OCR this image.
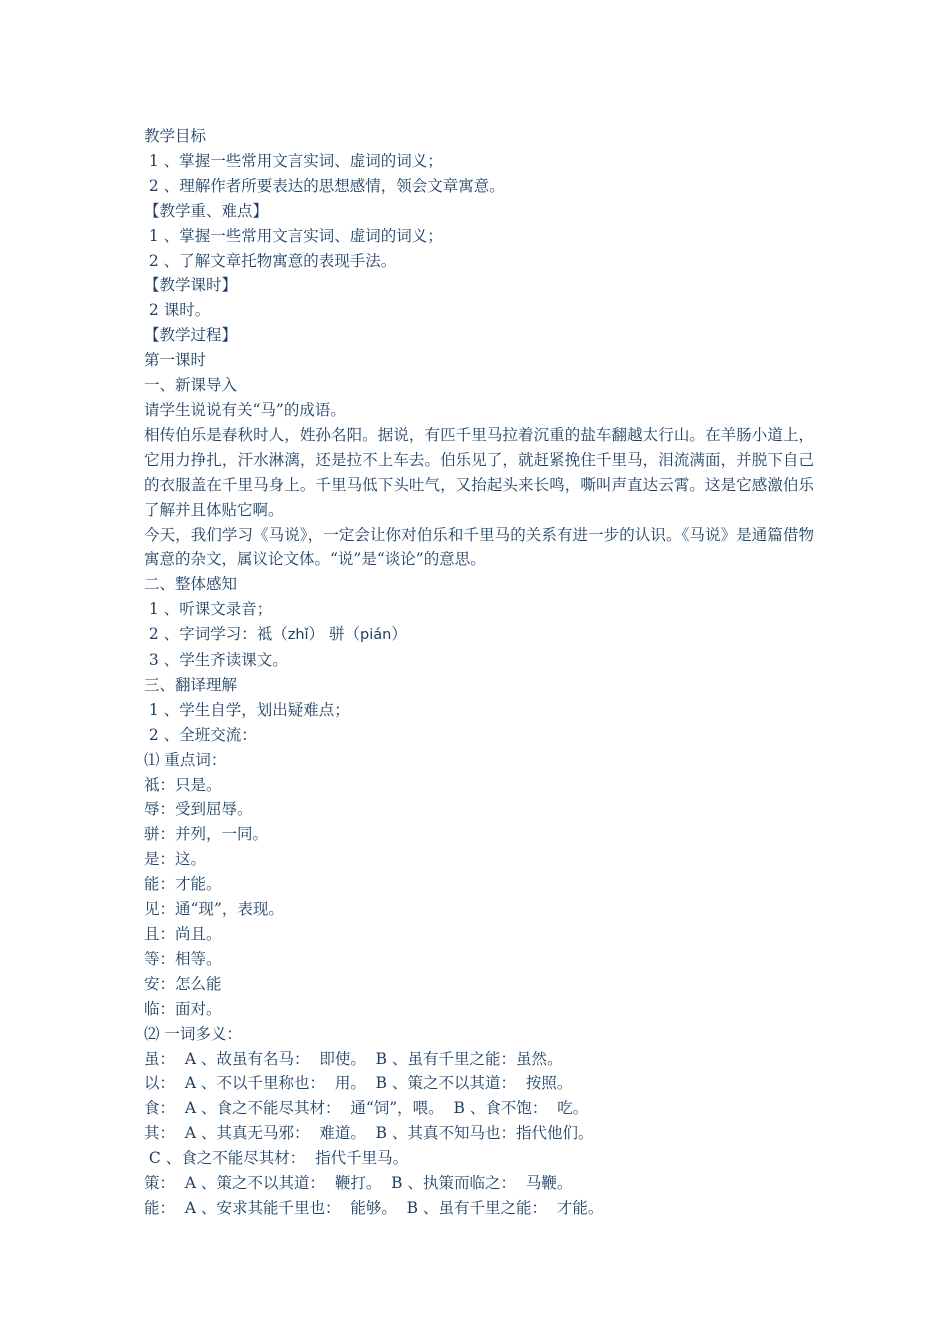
教学目标
1 、掌握一些常用文言实词、虚词的词义；
2 、理解作者所要表达的思想感情，领会文章寓意。
【教学重、难点】
1 、掌握一些常用文言实词、虚词的词义；
2 、了解文章托物寓意的表现手法。
【教学课时】
2 课时。
【教学过程】
第一课时
一、新课导入
请学生说说有关“马”的成语。

相传伯乐是春秋时人，姓孙名阳。据说，有匹千里马拉着沉重的盐车翻越太行山。在羊肠小道上，它用力挣扎，汗水淋漓，还是拉不上车去。伯乐见了，就赶紧挽住千里马，泪流满面，并脱下自己的衣服盖在千里马身上。千里马低下头吐气，又抬起头来长鸣，嘶叫声直达云霄。这是它感激伯乐了解并且体贴它啊。

今天，我们学习《马说》，一定会让你对伯乐和千里马的关系有进一步的认识。《马说》是通篇借物寓意的杂文，属议论文体。“说”是“谈论”的意思。

二、整体感知
1 、听课文录音；
2 、字词学习：祗（zhǐ） 骈（pián）
3 、学生齐读课文。
三、翻译理解
1 、学生自学，划出疑难点；
2 、全班交流：
⑴ 重点词：
祗：只是。
辱：受到屈辱。
骈：并列，一同。
是：这。
能：才能。
见：通“现”，表现。
且：尚且。
等：相等。
安：怎么能
临：面对。
⑵ 一词多义：
虽：  A 、故虽有名马：  即使。  B 、虽有千里之能：虽然。
以：  A 、不以千里称也：  用。  B 、策之不以其道：  按照。
食：  A 、食之不能尽其材：  通“饲”，喂。  B 、食不饱：  吃。
其：  A 、其真无马邪：  难道。  B 、其真不知马也：指代他们。
C 、食之不能尽其材：  指代千里马。
策：  A 、策之不以其道：  鞭打。  B 、执策而临之：  马鞭。
能：  A 、安求其能千里也：  能够。  B 、虽有千里之能：  才能。
